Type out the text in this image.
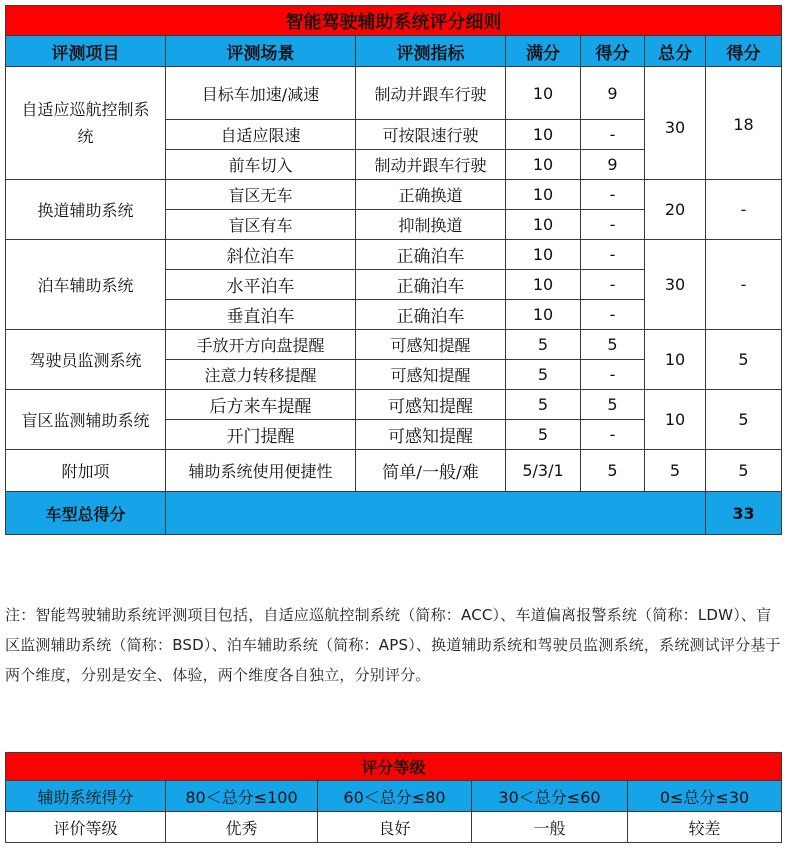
智能驾驶辅助系统评分细则						
评测项目	评测场景	评测指标	满分	得分	总分	得分
自适应巡航控制系统	目标车加速/减速	制动并跟车行驶	10	9	30	18
	自适应限速	可按限速行驶	10	-		
	前车切入	制动并跟车行驶	10	9		
换道辅助系统	盲区无车	正确换道	10	-	20	-
	盲区有车	抑制换道	10	-		
泊车辅助系统	斜位泊车	正确泊车	10	-	30	-
	水平泊车	正确泊车	10	-		
	垂直泊车	正确泊车	10	-		
驾驶员监测系统	手放开方向盘提醒	可感知提醒	5	5	10	5
	注意力转移提醒	可感知提醒	5	-		
盲区监测辅助系统	后方来车提醒	可感知提醒	5	5	10	5
	开门提醒	可感知提醒	5	-		
附加项	辅助系统使用便捷性	简单/一般/难	5/3/1	5	5	5
车型总得分						33
注：智能驾驶辅助系统评测项目包括，自适应巡航控制系统（简称：ACC）、车道偏离报警系统（简称：LDW）、盲区监测辅助系统（简称：BSD）、泊车辅助系统（简称：APS）、换道辅助系统和驾驶员监测系统，系统测试评分基于两个维度，分别是安全、体验，两个维度各自独立，分别评分。
评分等级				
辅助系统得分	80＜总分≤100	60＜总分≤80	30＜总分≤60	0≤总分≤30
评价等级	优秀	良好	一般	较差
